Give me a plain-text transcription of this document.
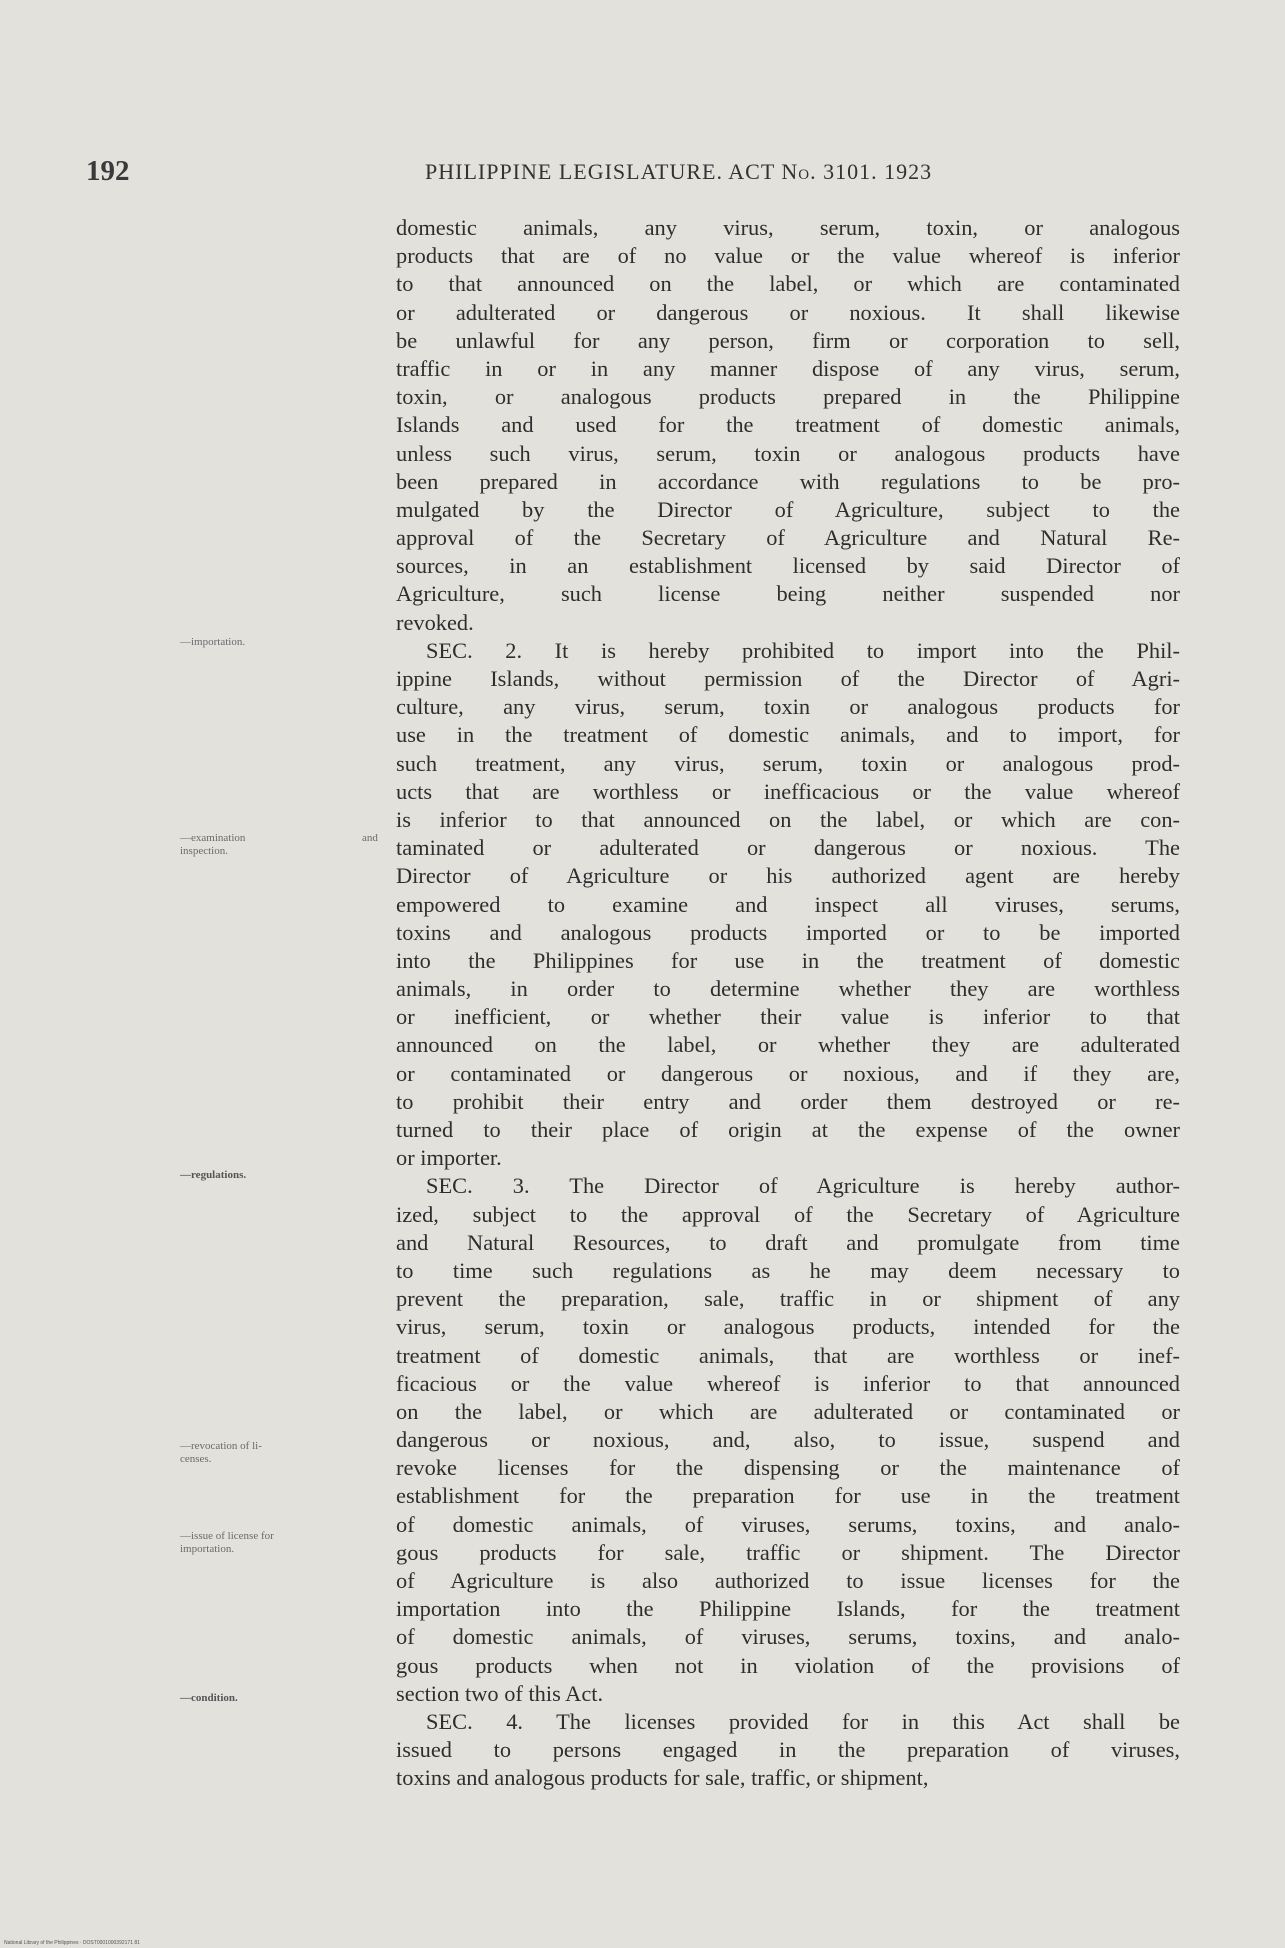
192	PHILIPPINE LEGISLATURE. ACT No. 3101. 1923
domestic animals, any virus, serum, toxin, or analogous
products that are of no value or the value whereof is inferior
to that announced on the label, or which are contaminated
or adulterated or dangerous or noxious. It shall likewise
be unlawful for any person, firm or corporation to sell,
traffic in or in any manner dispose of any virus, serum,
toxin, or analogous products prepared in the Philippine
Islands and used for the treatment of domestic animals,
unless such virus, serum, toxin or analogous products have
been prepared in accordance with regulations to be pro-
mulgated by the Director of Agriculture, subject to the
approval of the Secretary of Agriculture and Natural Re-
sources, in an establishment licensed by said Director of
Agriculture, such license being neither suspended nor
revoked.
SEC. 2. It is hereby prohibited to import into the Phil-
ippine Islands, without permission of the Director of Agri-
culture, any virus, serum, toxin or analogous products for
use in the treatment of domestic animals, and to import, for
such treatment, any virus, serum, toxin or analogous prod-
ucts that are worthless or inefficacious or the value whereof
is inferior to that announced on the label, or which are con-
taminated or adulterated or dangerous or noxious. The
Director of Agriculture or his authorized agent are hereby
empowered to examine and inspect all viruses, serums,
toxins and analogous products imported or to be imported
into the Philippines for use in the treatment of domestic
animals, in order to determine whether they are worthless
or inefficient, or whether their value is inferior to that
announced on the label, or whether they are adulterated
or contaminated or dangerous or noxious, and if they are,
to prohibit their entry and order them destroyed or re-
turned to their place of origin at the expense of the owner
or importer.
SEC. 3. The Director of Agriculture is hereby author-
ized, subject to the approval of the Secretary of Agriculture
and Natural Resources, to draft and promulgate from time
to time such regulations as he may deem necessary to
prevent the preparation, sale, traffic in or shipment of any
virus, serum, toxin or analogous products, intended for the
treatment of domestic animals, that are worthless or inef-
ficacious or the value whereof is inferior to that announced
on the label, or which are adulterated or contaminated or
dangerous or noxious, and, also, to issue, suspend and
revoke licenses for the dispensing or the maintenance of
establishment for the preparation for use in the treatment
of domestic animals, of viruses, serums, toxins, and analo-
gous products for sale, traffic or shipment. The Director
of Agriculture is also authorized to issue licenses for the
importation into the Philippine Islands, for the treatment
of domestic animals, of viruses, serums, toxins, and analo-
gous products when not in violation of the provisions of
section two of this Act.
SEC. 4. The licenses provided for in this Act shall be
issued to persons engaged in the preparation of viruses,
toxins and analogous products for sale, traffic, or shipment,
—importation.
—examination	and
inspection.
—regulations.
—revocation of li-
censes.
—issue of license for
importation.
—condition.
National Library of the Philippines · DOST0001000392171 81
